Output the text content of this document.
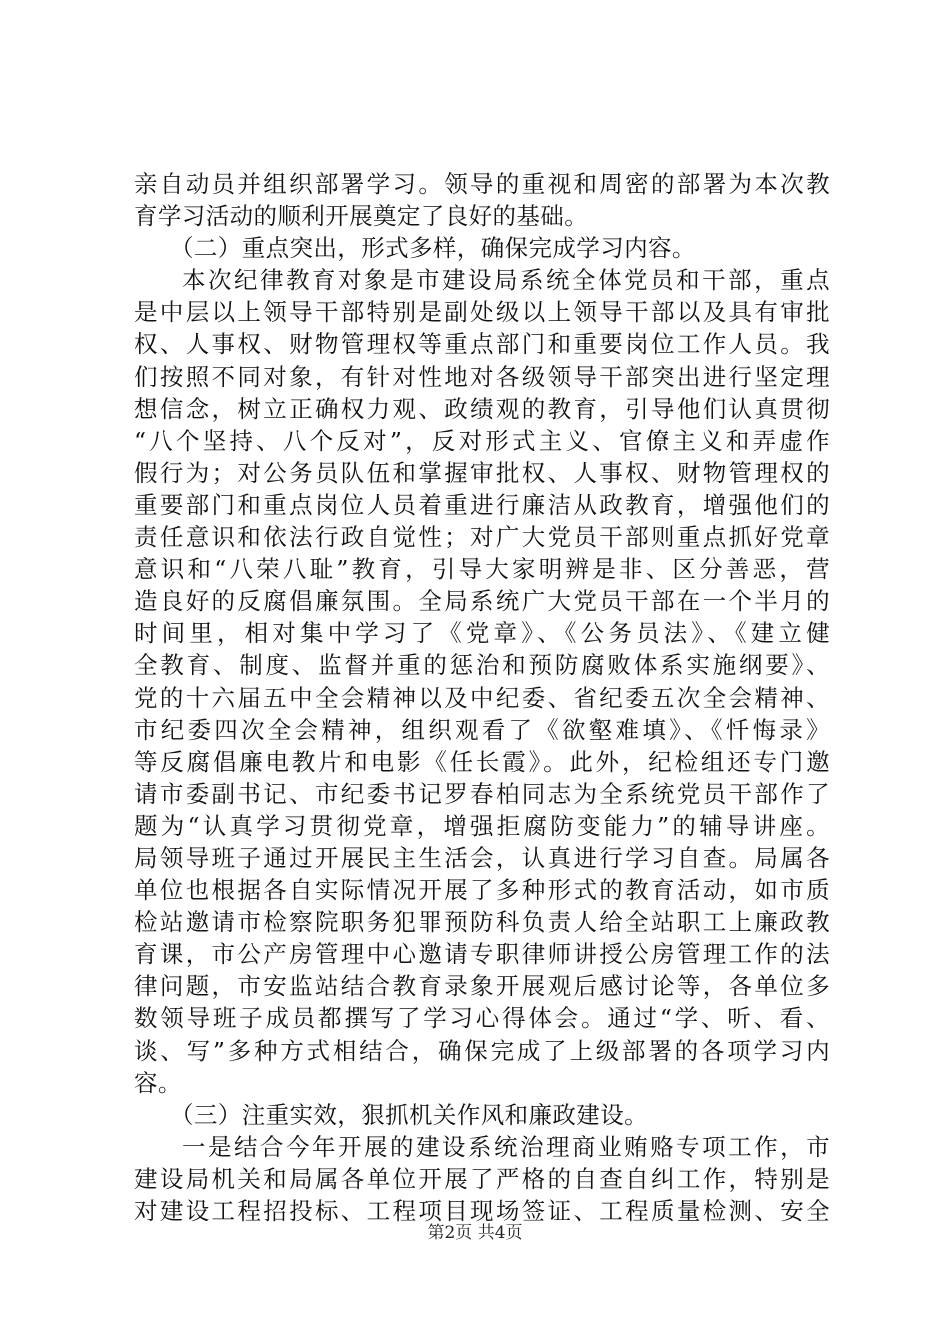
亲自动员并组织部署学习。领导的重视和周密的部署为本次教
育学习活动的顺利开展奠定了良好的基础。
（二）重点突出，形式多样，确保完成学习内容。
本次纪律教育对象是市建设局系统全体党员和干部，重点
是中层以上领导干部特别是副处级以上领导干部以及具有审批
权、人事权、财物管理权等重点部门和重要岗位工作人员。我
们按照不同对象，有针对性地对各级领导干部突出进行坚定理
想信念，树立正确权力观、政绩观的教育，引导他们认真贯彻
“八个坚持、八个反对”，反对形式主义、官僚主义和弄虚作
假行为；对公务员队伍和掌握审批权、人事权、财物管理权的
重要部门和重点岗位人员着重进行廉洁从政教育，增强他们的
责任意识和依法行政自觉性；对广大党员干部则重点抓好党章
意识和“八荣八耻”教育，引导大家明辨是非、区分善恶，营
造良好的反腐倡廉氛围。全局系统广大党员干部在一个半月的
时间里，相对集中学习了《党章》、《公务员法》、《建立健
全教育、制度、监督并重的惩治和预防腐败体系实施纲要》、
党的十六届五中全会精神以及中纪委、省纪委五次全会精神、
市纪委四次全会精神，组织观看了《欲壑难填》、《忏悔录》
等反腐倡廉电教片和电影《任长霞》。此外，纪检组还专门邀
请市委副书记、市纪委书记罗春柏同志为全系统党员干部作了
题为“认真学习贯彻党章，增强拒腐防变能力”的辅导讲座。
局领导班子通过开展民主生活会，认真进行学习自查。局属各
单位也根据各自实际情况开展了多种形式的教育活动，如市质
检站邀请市检察院职务犯罪预防科负责人给全站职工上廉政教
育课，市公产房管理中心邀请专职律师讲授公房管理工作的法
律问题，市安监站结合教育录象开展观后感讨论等，各单位多
数领导班子成员都撰写了学习心得体会。通过“学、听、看、
谈、写”多种方式相结合，确保完成了上级部署的各项学习内
容。
（三）注重实效，狠抓机关作风和廉政建设。
一是结合今年开展的建设系统治理商业贿赂专项工作，市
建设局机关和局属各单位开展了严格的自查自纠工作，特别是
对建设工程招投标、工程项目现场签证、工程质量检测、安全
第2页 共4页
